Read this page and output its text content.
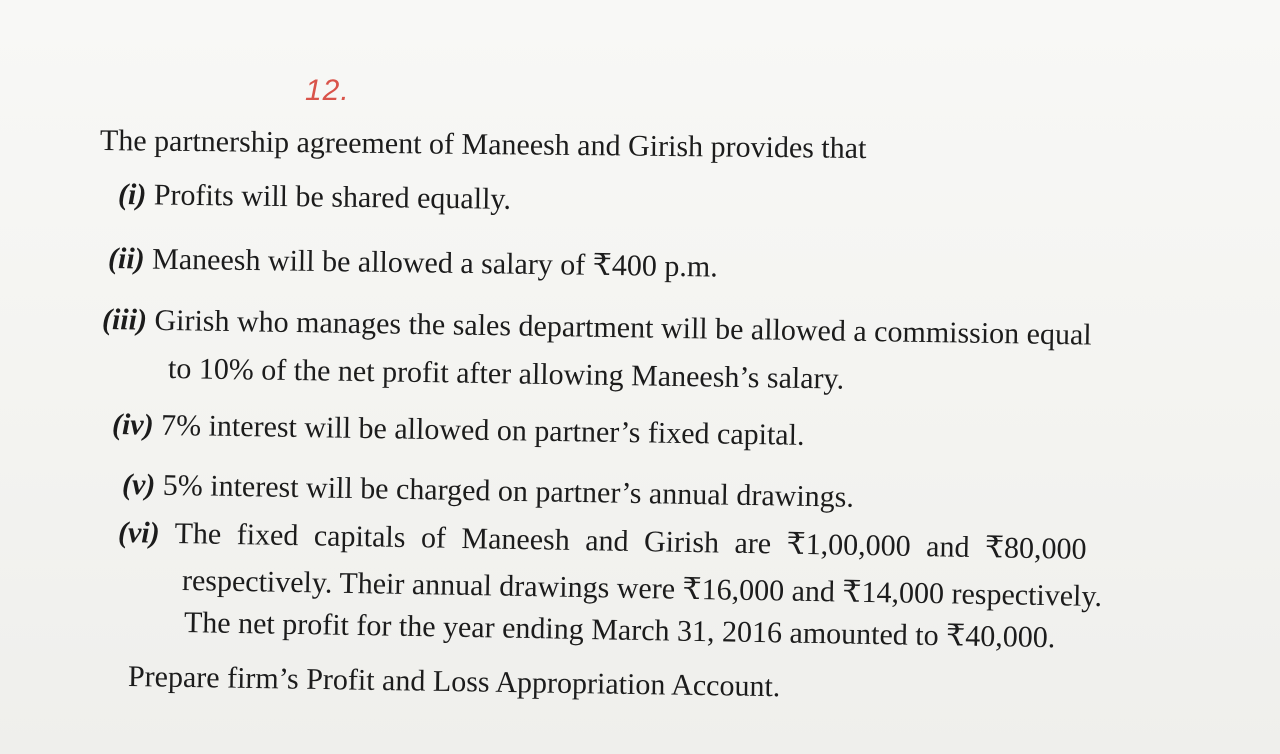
12.
The partnership agreement of Maneesh and Girish provides that
(i) Profits will be shared equally.
(ii) Maneesh will be allowed a salary of ₹400 p.m.
(iii) Girish who manages the sales department will be allowed a commission equal
to 10% of the net profit after allowing Maneesh’s salary.
(iv) 7% interest will be allowed on partner’s fixed capital.
(v) 5% interest will be charged on partner’s annual drawings.
(vi) The fixed capitals of Maneesh and Girish are ₹1,00,000 and ₹80,000
respectively. Their annual drawings were ₹16,000 and ₹14,000 respectively.
The net profit for the year ending March 31, 2016 amounted to ₹40,000.
Prepare firm’s Profit and Loss Appropriation Account.
